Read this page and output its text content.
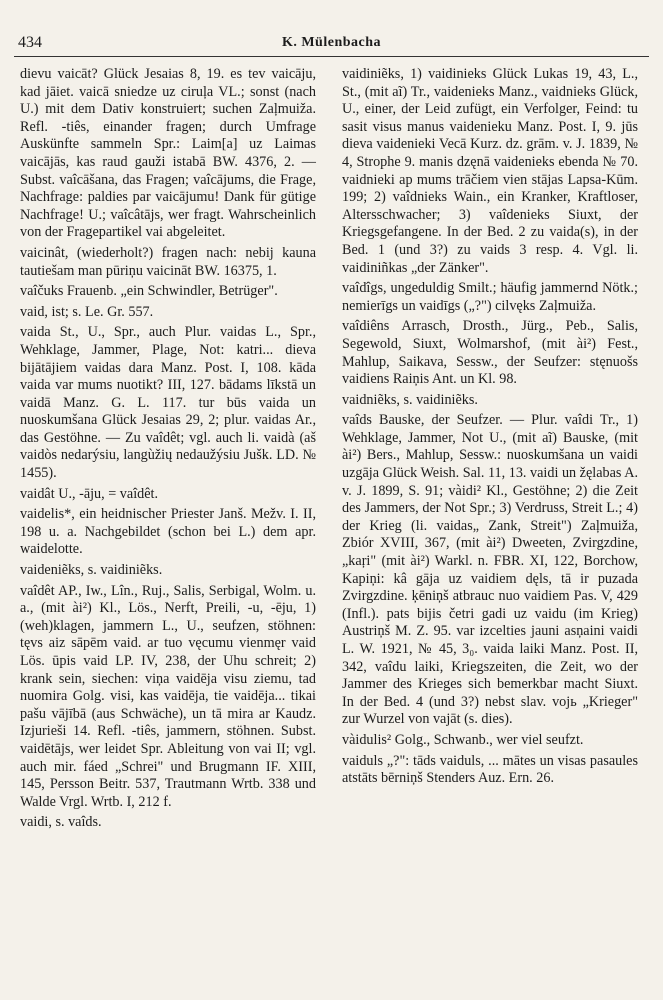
434	K. Mülenbacha

dievu vaicāt? Glück Jesaias 8, 19. es tev vaicāju, kad jāiet. vaicā sniedze uz ciruļa VL.; sonst (nach U.) mit dem Dativ konstruiert; suchen Zaļmuiža. Refl. -tiês, einander fragen; durch Umfrage Auskünfte sammeln Spr.: Laim[a] uz Laimas vaicājās, kas raud gauži istabā BW. 4376, 2. — Subst. vaîcāšana, das Fragen; vaîcājums, die Frage, Nachfrage: paldies par vaicājumu! Dank für gütige Nachfrage! U.; vaîcâtājs, wer fragt. Wahrscheinlich von der Fragepartikel vai abgeleitet.

vaicinât, (wiederholt?) fragen nach: nebij kauna tautiešam man pūriņu vaicināt BW. 16375, 1.

vaîčuks Frauenb. „ein Schwindler, Betrüger".

vaid, ist; s. Le. Gr. 557.

vaida St., U., Spr., auch Plur. vaidas L., Spr., Wehklage, Jammer, Plage, Not: katri... dieva bijātājiem vaidas dara Manz. Post. I, 108. kāda vaida var mums nuotikt? III, 127. bādams līkstā un vaidā Manz. G. L. 117. tur būs vaida un nuoskumšana Glück Jesaias 29, 2; plur. vaidas Ar., das Gestöhne. — Zu vaîdêt; vgl. auch li. vaidà (aš vaidòs nedarýsiu, langùžių nedaužýsiu Jušk. LD. № 1455).

vaidât U., -āju, = vaîdêt.

vaidelis*, ein heidnischer Priester Janš. Mežv. I. II, 198 u. a. Nachgebildet (schon bei L.) dem apr. waidelotte.

vaideniẽks, s. vaidiniẽks.

vaîdêt AP., Iw., Lîn., Ruj., Salis, Serbigal, Wolm. u. a., (mit ài²) Kl., Lös., Nerft, Preili, -u, -ēju, 1) (weh)klagen, jammern L., U., seufzen, stöhnen: tęvs aiz sāpēm vaid. ar tuo vęcumu vienmęr vaid Lös. ūpis vaid LP. IV, 238, der Uhu schreit; 2) krank sein, siechen: viņa vaidēja visu ziemu, tad nuomira Golg. visi, kas vaidēja, tie vaidēja... tikai pašu vājībā (aus Schwäche), un tā mira ar Kaudz. Izjurieši 14. Refl. -tiês, jammern, stöhnen. Subst. vaidētājs, wer leidet Spr. Ableitung von vai II; vgl. auch mir. fáed „Schrei" und Brugmann IF. XIII, 145, Persson Beitr. 537, Trautmann Wrtb. 338 und Walde Vrgl. Wrtb. I, 212 f.

vaidi, s. vaîds.

vaidiniẽks, 1) vaidinieks Glück Lukas 19, 43, L., St., (mit aĩ) Tr., vaidenieks Manz., vaidnieks Glück, U., einer, der Leid zufügt, ein Verfolger, Feind: tu sasit visus manus vaidenieku Manz. Post. I, 9. jūs dieva vaidenieki Vecā Kurz. dz. grām. v. J. 1839, № 4, Strophe 9. manis dzęnā vaidenieks ebenda № 70. vaidnieki ap mums trāčiem vien stājas Lapsa-Kūm. 199; 2) vaîdnieks Wain., ein Kranker, Kraftloser, Altersschwacher; 3) vaîdenieks Siuxt, der Kriegsgefangene. In der Bed. 2 zu vaida(s), in der Bed. 1 (und 3?) zu vaids 3 resp. 4. Vgl. li. vaidiniñkas „der Zänker".

vaîdîgs, ungeduldig Smilt.; häufig jammernd Nötk.; nemierīgs un vaidīgs („?") cilvęks Zaļmuiža.

vaîdiêns Arrasch, Drosth., Jürg., Peb., Salis, Segewold, Siuxt, Wolmarshof, (mit ài²) Fest., Mahlup, Saikava, Sessw., der Seufzer: stęnuošs vaidiens Raiņis Ant. un Kl. 98.

vaidniẽks, s. vaidiniẽks.

vaîds Bauske, der Seufzer. — Plur. vaîdi Tr., 1) Wehklage, Jammer, Not U., (mit aĩ) Bauske, (mit ài²) Bers., Mahlup, Sessw.: nuoskumšana un vaidi uzgāja Glück Weish. Sal. 11, 13. vaidi un žęlabas A. v. J. 1899, S. 91; vàidi² Kl., Gestöhne; 2) die Zeit des Jammers, der Not Spr.; 3) Verdruss, Streit L.; 4) der Krieg (li. vaidas„ Zank, Streit") Zaļmuiža, Zbiór XVIII, 367, (mit ài²) Dweeten, Zvirgzdine, „kaŗi" (mit ài²) Warkl. n. FBR. XI, 122, Borchow, Kapiņi: kâ gāja uz vaidiem dęls, tā ir puzada Zvirgzdine. ķēniņš atbrauc nuo vaidiem Pas. V, 429 (Infl.). pats bijis četri gadi uz vaidu (im Krieg) Austriņš M. Z. 95. var izcelties jauni asņaini vaidi L. W. 1921, № 45, 3₀. vaida laiki Manz. Post. II, 342, vaîdu laiki, Kriegszeiten, die Zeit, wo der Jammer des Krieges sich bemerkbar macht Siuxt. In der Bed. 4 (und 3?) nebst slav. vojь „Krieger" zur Wurzel von vajāt (s. dies).

vàidulis² Golg., Schwanb., wer viel seufzt.

vaiduls „?": tāds vaiduls, ... mātes un visas pasaules atstāts bērniņš Stenders Auz. Ern. 26.
